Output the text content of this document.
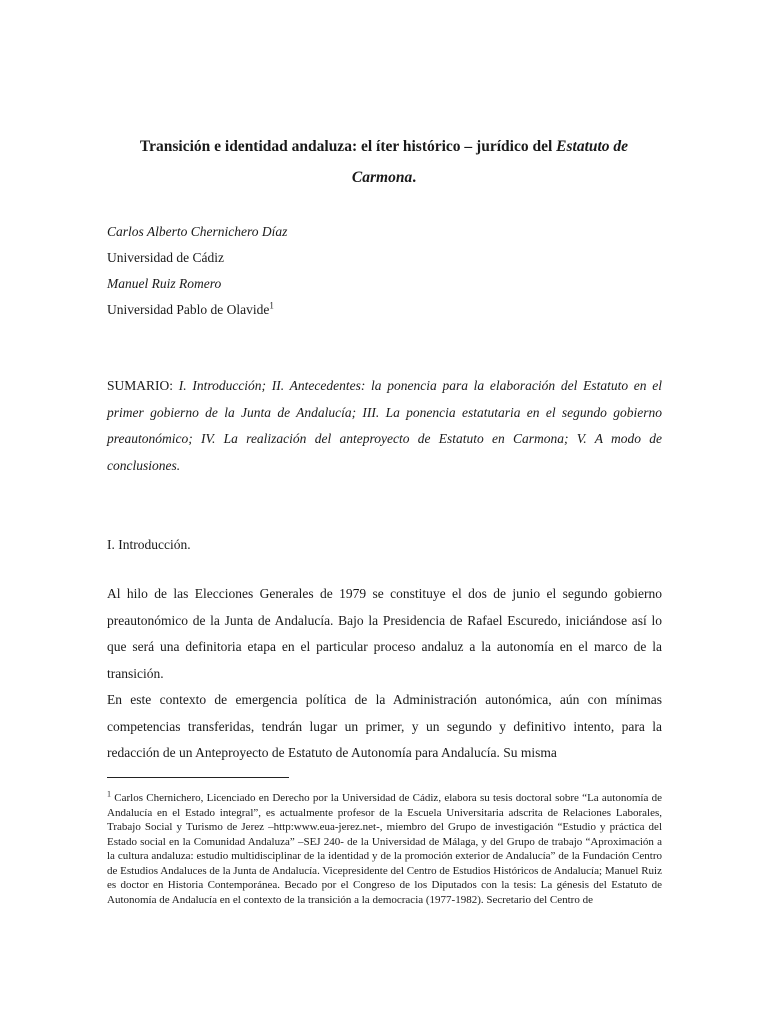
Transición e identidad andaluza: el íter histórico – jurídico del Estatuto de Carmona.
Carlos Alberto Chernichero Díaz
Universidad de Cádiz
Manuel Ruiz Romero
Universidad Pablo de Olavide$^1$
SUMARIO: I. Introducción; II. Antecedentes: la ponencia para la elaboración del Estatuto en el primer gobierno de la Junta de Andalucía; III. La ponencia estatutaria en el segundo gobierno preautonómico; IV. La realización del anteproyecto de Estatuto en Carmona; V. A modo de conclusiones.
I. Introducción.

Al hilo de las Elecciones Generales de 1979 se constituye el dos de junio el segundo gobierno preautonómico de la Junta de Andalucía. Bajo la Presidencia de Rafael Escuredo, iniciándose así lo que será una definitoria etapa en el particular proceso andaluz a la autonomía en el marco de la transición.

En este contexto de emergencia política de la Administración autonómica, aún con mínimas competencias transferidas, tendrán lugar un primer, y un segundo y definitivo intento, para la redacción de un Anteproyecto de Estatuto de Autonomía para Andalucía. Su misma

$^1$ Carlos Chernichero, Licenciado en Derecho por la Universidad de Cádiz, elabora su tesis doctoral sobre “La autonomía de Andalucía en el Estado integral”, es actualmente profesor de la Escuela Universitaria adscrita de Relaciones Laborales, Trabajo Social y Turismo de Jerez –http:www.eua-jerez.net-, miembro del Grupo de investigación “Estudio y práctica del Estado social en la Comunidad Andaluza” –SEJ 240- de la Universidad de Málaga, y del Grupo de trabajo “Aproximación a la cultura andaluza: estudio multidisciplinar de la identidad y de la promoción exterior de Andalucía” de la Fundación Centro de Estudios Andaluces de la Junta de Andalucía. Vicepresidente del Centro de Estudios Históricos de Andalucía; Manuel Ruiz es doctor en Historia Contemporánea. Becado por el Congreso de los Diputados con la tesis: La génesis del Estatuto de Autonomía de Andalucía en el contexto de la transición a la democracia (1977-1982). Secretario del Centro de
